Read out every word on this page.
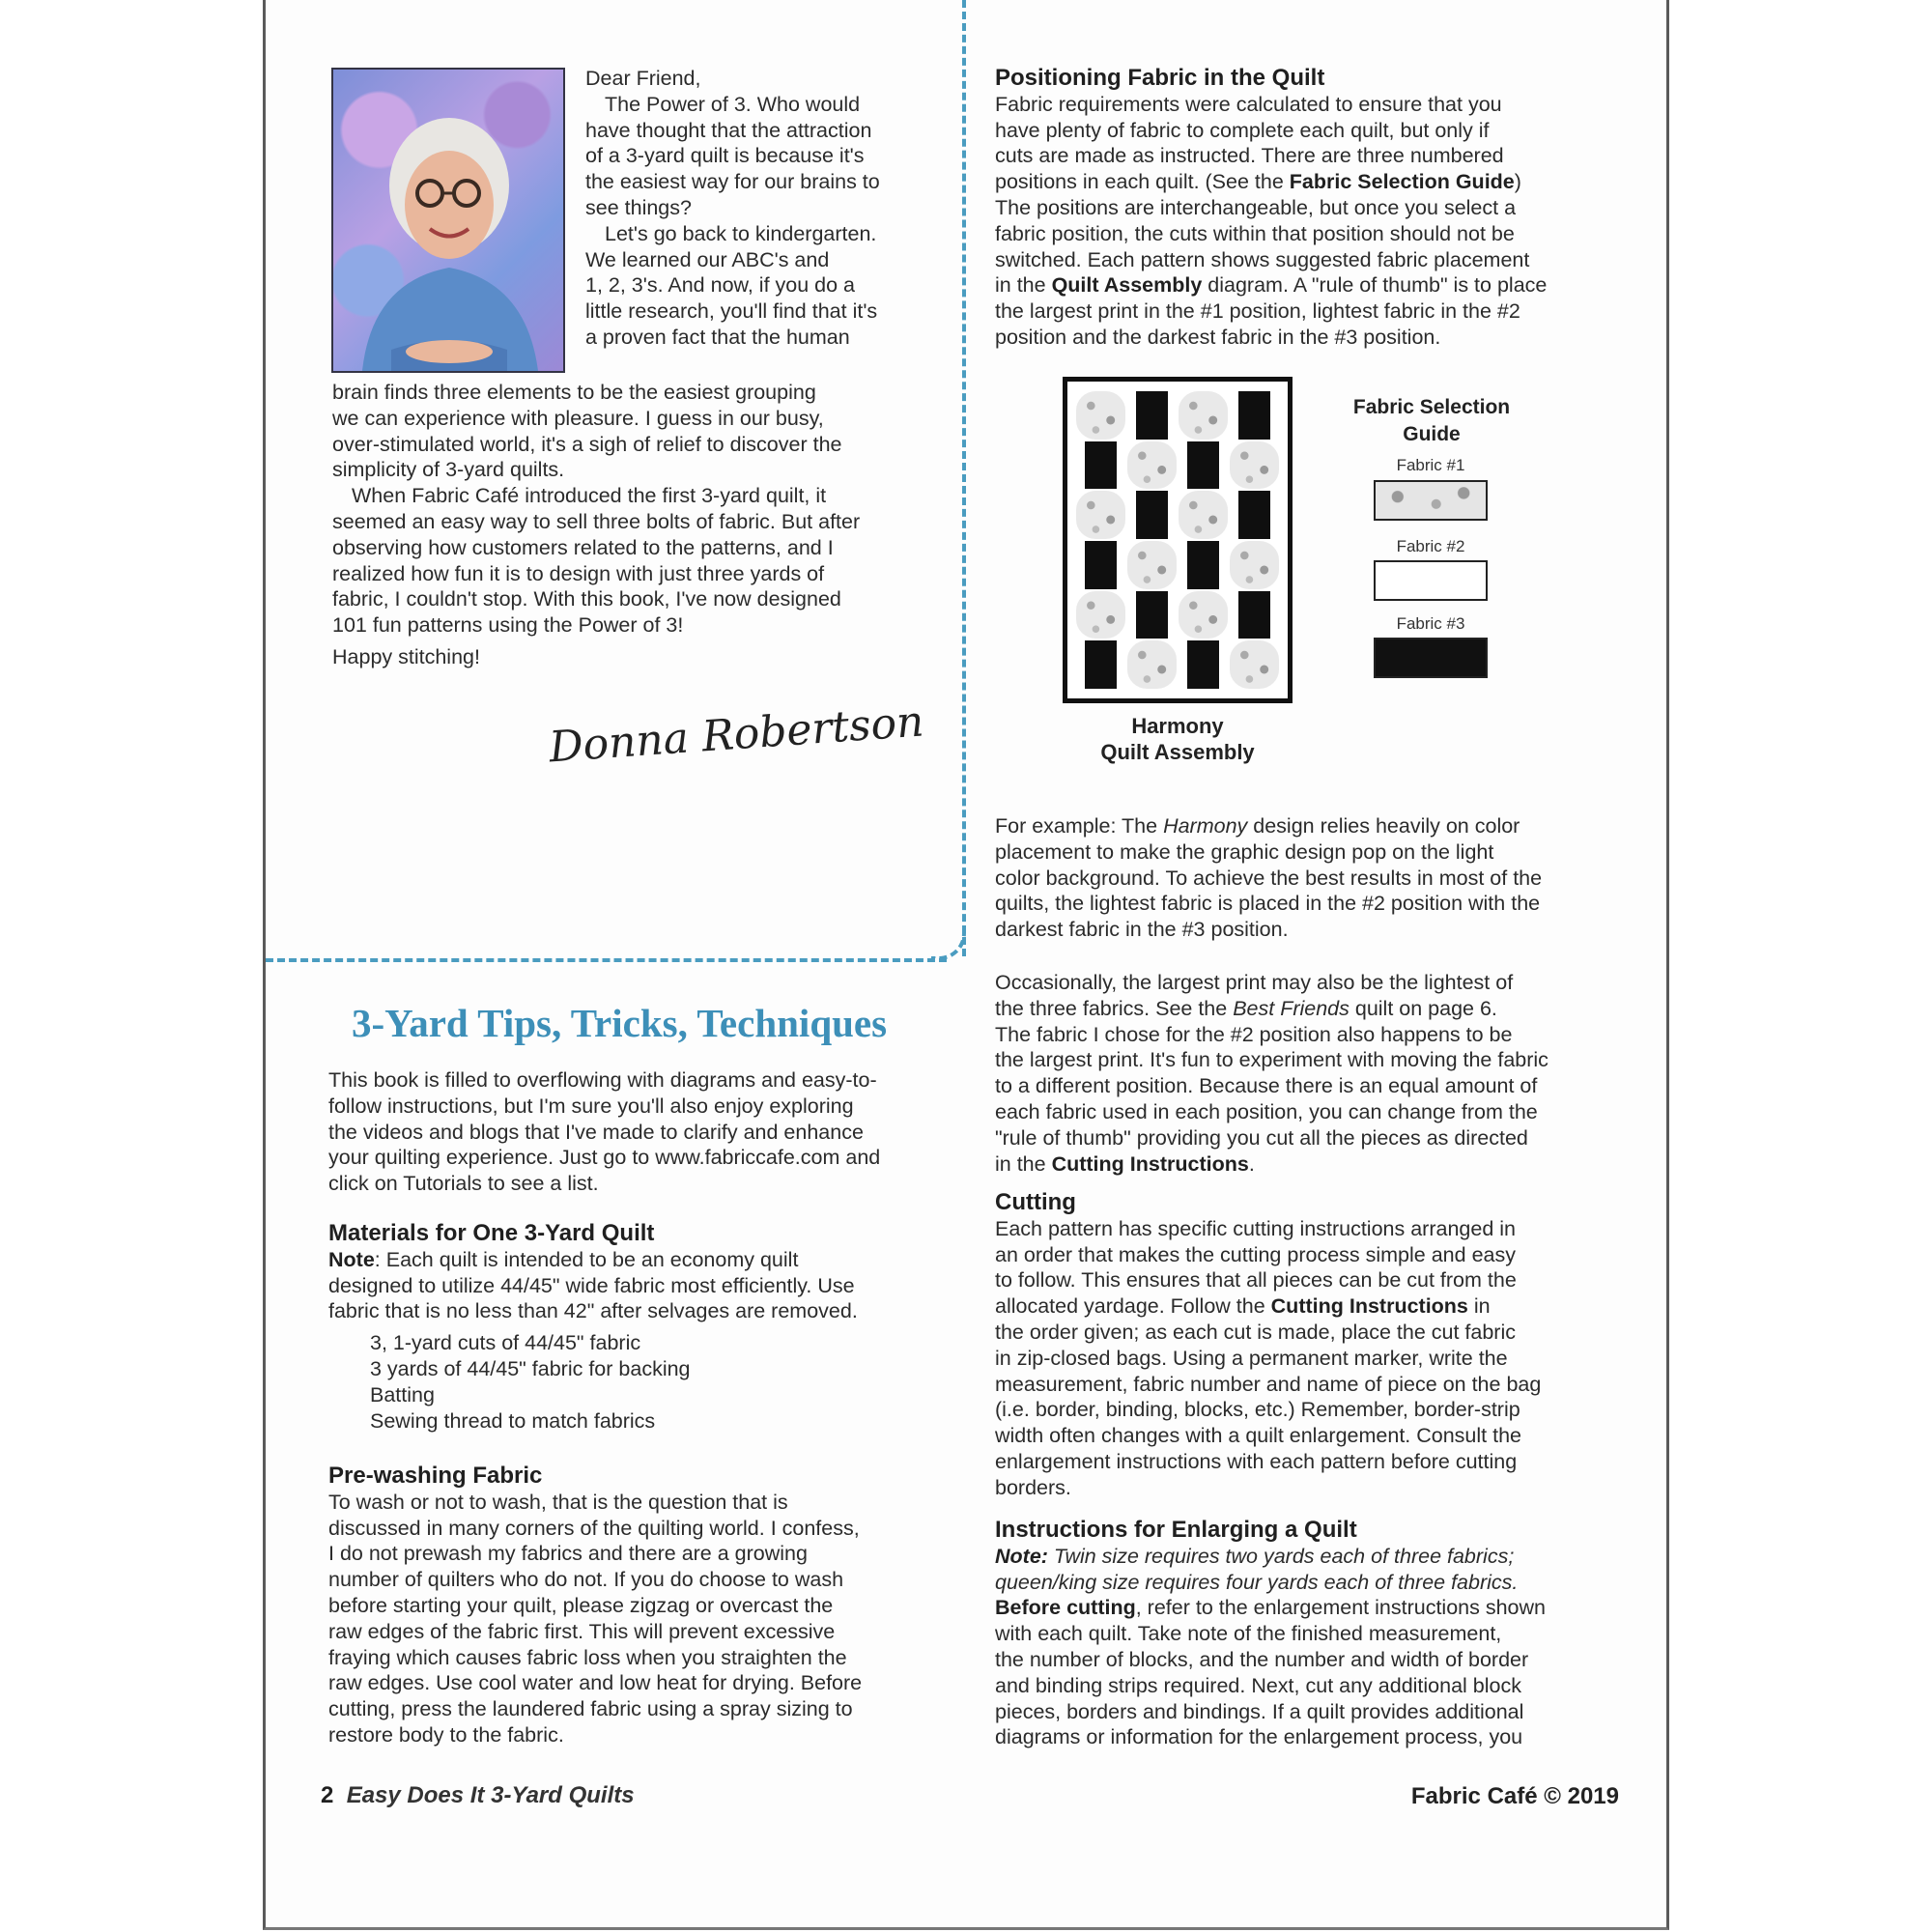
Dear Friend,
The Power of 3. Who would
have thought that the attraction
of a 3-yard quilt is because it's
the easiest way for our brains to
see things?
Let's go back to kindergarten.
We learned our ABC's and
1, 2, 3's. And now, if you do a
little research, you'll find that it's
a proven fact that the human
brain finds three elements to be the easiest grouping
we can experience with pleasure. I guess in our busy,
over-stimulated world, it's a sigh of relief to discover the
simplicity of 3-yard quilts.
When Fabric Café introduced the first 3-yard quilt, it
seemed an easy way to sell three bolts of fabric. But after
observing how customers related to the patterns, and I
realized how fun it is to design with just three yards of
fabric, I couldn't stop. With this book, I've now designed
101 fun patterns using the Power of 3!
Happy stitching!
Donna Robertson
3-Yard Tips, Tricks, Techniques
This book is filled to overflowing with diagrams and easy-to-
follow instructions, but I'm sure you'll also enjoy exploring
the videos and blogs that I've made to clarify and enhance
your quilting experience. Just go to www.fabriccafe.com and
click on Tutorials to see a list.
Materials for One 3-Yard Quilt
Note: Each quilt is intended to be an economy quilt
designed to utilize 44/45" wide fabric most efficiently. Use
fabric that is no less than 42" after selvages are removed.
3, 1-yard cuts of 44/45" fabric
3 yards of 44/45" fabric for backing
Batting
Sewing thread to match fabrics
Pre-washing Fabric
To wash or not to wash, that is the question that is
discussed in many corners of the quilting world. I confess,
I do not prewash my fabrics and there are a growing
number of quilters who do not. If you do choose to wash
before starting your quilt, please zigzag or overcast the
raw edges of the fabric first. This will prevent excessive
fraying which causes fabric loss when you straighten the
raw edges. Use cool water and low heat for drying. Before
cutting, press the laundered fabric using a spray sizing to
restore body to the fabric.
Positioning Fabric in the Quilt
Fabric requirements were calculated to ensure that you
have plenty of fabric to complete each quilt, but only if
cuts are made as instructed. There are three numbered
positions in each quilt. (See the Fabric Selection Guide)
The positions are interchangeable, but once you select a
fabric position, the cuts within that position should not be
switched. Each pattern shows suggested fabric placement
in the Quilt Assembly diagram. A "rule of thumb" is to place
the largest print in the #1 position, lightest fabric in the #2
position and the darkest fabric in the #3 position.
Harmony
Quilt Assembly
Fabric Selection
Guide
Fabric #1
Fabric #2
Fabric #3
For example: The Harmony design relies heavily on color
placement to make the graphic design pop on the light
color background. To achieve the best results in most of the
quilts, the lightest fabric is placed in the #2 position with the
darkest fabric in the #3 position.
Occasionally, the largest print may also be the lightest of
the three fabrics. See the Best Friends quilt on page 6.
The fabric I chose for the #2 position also happens to be
the largest print. It's fun to experiment with moving the fabric
to a different position. Because there is an equal amount of
each fabric used in each position, you can change from the
"rule of thumb" providing you cut all the pieces as directed
in the Cutting Instructions.
Cutting
Each pattern has specific cutting instructions arranged in
an order that makes the cutting process simple and easy
to follow. This ensures that all pieces can be cut from the
allocated yardage. Follow the Cutting Instructions in
the order given; as each cut is made, place the cut fabric
in zip-closed bags. Using a permanent marker, write the
measurement, fabric number and name of piece on the bag
(i.e. border, binding, blocks, etc.) Remember, border-strip
width often changes with a quilt enlargement. Consult the
enlargement instructions with each pattern before cutting
borders.
Instructions for Enlarging a Quilt
Note: Twin size requires two yards each of three fabrics;
queen/king size requires four yards each of three fabrics.
Before cutting, refer to the enlargement instructions shown
with each quilt. Take note of the finished measurement,
the number of blocks, and the number and width of border
and binding strips required. Next, cut any additional block
pieces, borders and bindings. If a quilt provides additional
diagrams or information for the enlargement process, you
2 Easy Does It 3-Yard Quilts	Fabric Café © 2019
